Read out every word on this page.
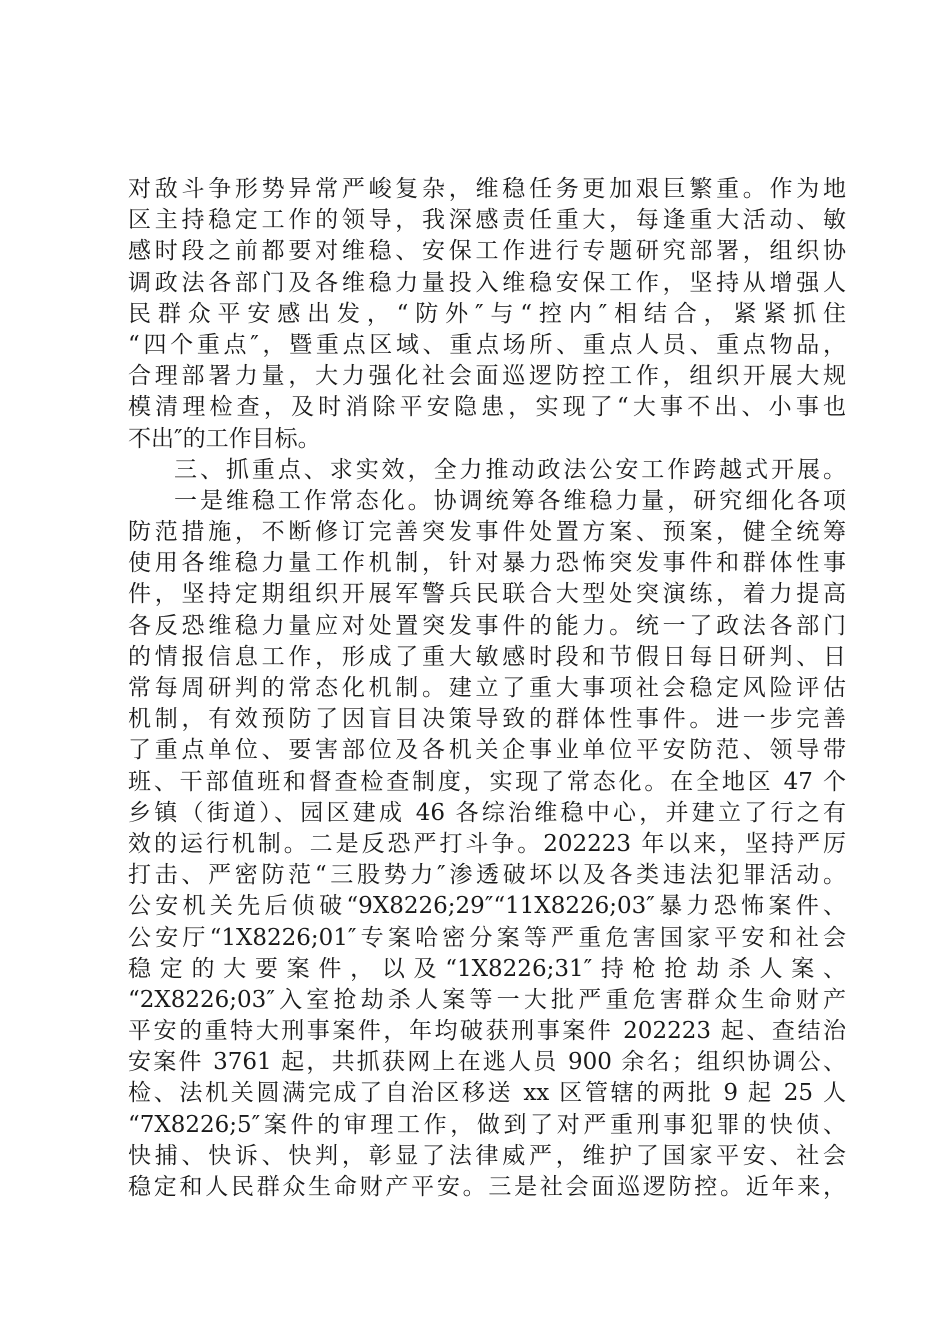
对敌斗争形势异常严峻复杂，维稳任务更加艰巨繁重。作为地
区主持稳定工作的领导，我深感责任重大，每逢重大活动、敏
感时段之前都要对维稳、安保工作进行专题研究部署，组织协
调政法各部门及各维稳力量投入维稳安保工作，坚持从增强人
民群众平安感出发，“防外″与“控内″相结合，紧紧抓住
“四个重点″，暨重点区域、重点场所、重点人员、重点物品，
合理部署力量，大力强化社会面巡逻防控工作，组织开展大规
模清理检查，及时消除平安隐患，实现了“大事不出、小事也
不出″的工作目标。
三、抓重点、求实效，全力推动政法公安工作跨越式开展。
一是维稳工作常态化。协调统筹各维稳力量，研究细化各项
防范措施，不断修订完善突发事件处置方案、预案，健全统筹
使用各维稳力量工作机制，针对暴力恐怖突发事件和群体性事
件，坚持定期组织开展军警兵民联合大型处突演练，着力提高
各反恐维稳力量应对处置突发事件的能力。统一了政法各部门
的情报信息工作，形成了重大敏感时段和节假日每日研判、日
常每周研判的常态化机制。建立了重大事项社会稳定风险评估
机制，有效预防了因盲目决策导致的群体性事件。进一步完善
了重点单位、要害部位及各机关企事业单位平安防范、领导带
班、干部值班和督查检查制度，实现了常态化。在全地区 47 个
乡镇（街道）、园区建成 46 各综治维稳中心，并建立了行之有
效的运行机制。二是反恐严打斗争。202223 年以来，坚持严厉
打击、严密防范“三股势力″渗透破坏以及各类违法犯罪活动。
公安机关先后侦破“9X8226;29″“11X8226;03″暴力恐怖案件、
公安厅“1X8226;01″专案哈密分案等严重危害国家平安和社会
稳定的大要案件，以及“1X8226;31″持枪抢劫杀人案、
“2X8226;03″入室抢劫杀人案等一大批严重危害群众生命财产
平安的重特大刑事案件，年均破获刑事案件 202223 起、查结治
安案件 3761 起，共抓获网上在逃人员 900 余名；组织协调公、
检、法机关圆满完成了自治区移送 xx 区管辖的两批 9 起 25 人
“7X8226;5″案件的审理工作，做到了对严重刑事犯罪的快侦、
快捕、快诉、快判，彰显了法律威严，维护了国家平安、社会
稳定和人民群众生命财产平安。三是社会面巡逻防控。近年来，
